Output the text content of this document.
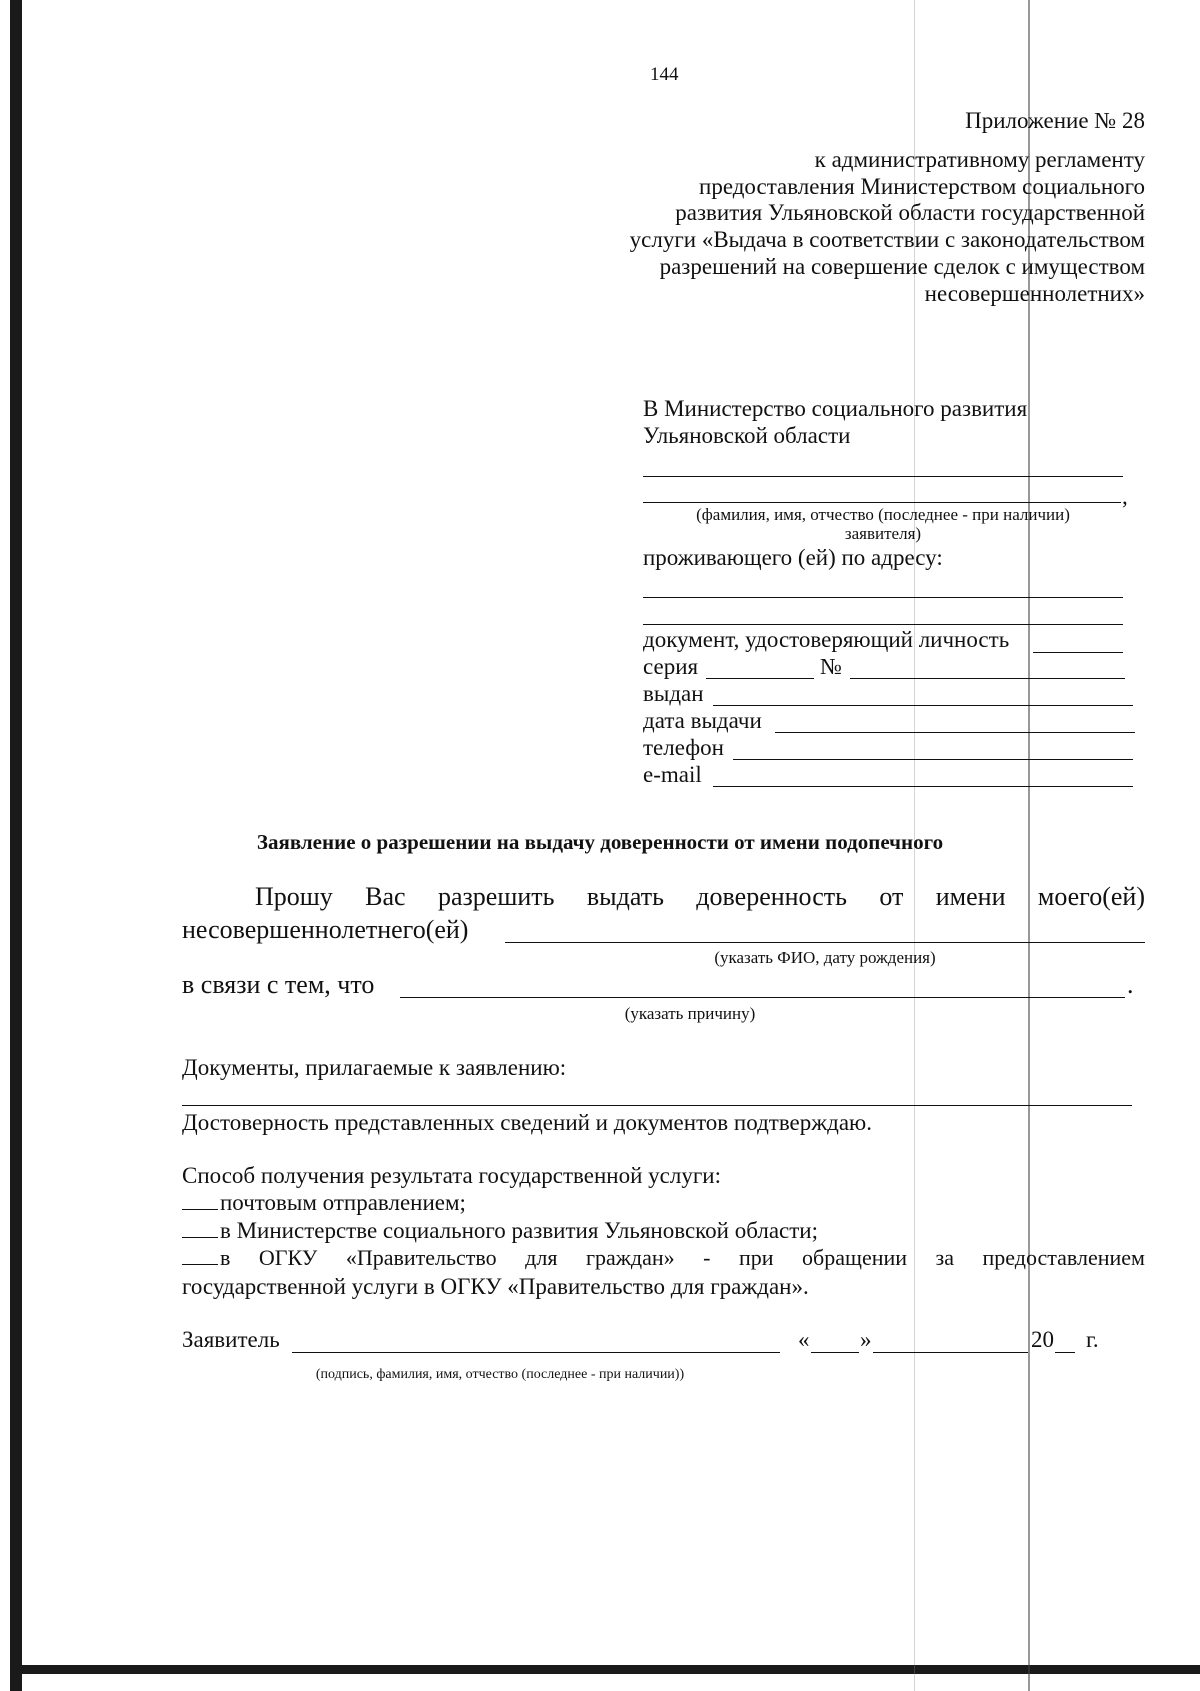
144
Приложение № 28
к административному регламенту
предоставления Министерством социального
развития Ульяновской области государственной
услуги «Выдача в соответствии с законодательством
разрешений на совершение сделок с имуществом
несовершеннолетних»
В Министерство социального развития
Ульяновской области
,
(фамилия, имя, отчество (последнее - при наличии)
заявителя)
проживающего (ей) по адресу:
документ, удостоверяющий личность
серия	№
выдан
дата выдачи
телефон
e-mail
Заявление о разрешении на выдачу доверенности от имени подопечного
Прошу Вас разрешить выдать доверенность от имени моего(ей)
несовершеннолетнего(ей)
(указать ФИО, дату рождения)
в связи с тем, что	.
(указать причину)
Документы, прилагаемые к заявлению:
Достоверность представленных сведений и документов подтверждаю.
Способ получения результата государственной услуги:
почтовым отправлением;
в Министерстве социального развития Ульяновской области;
в ОГКУ «Правительство для граждан» - при обращении за предоставлением
государственной услуги в ОГКУ «Правительство для граждан».
Заявитель	« »	20 г.
(подпись, фамилия, имя, отчество (последнее - при наличии))
